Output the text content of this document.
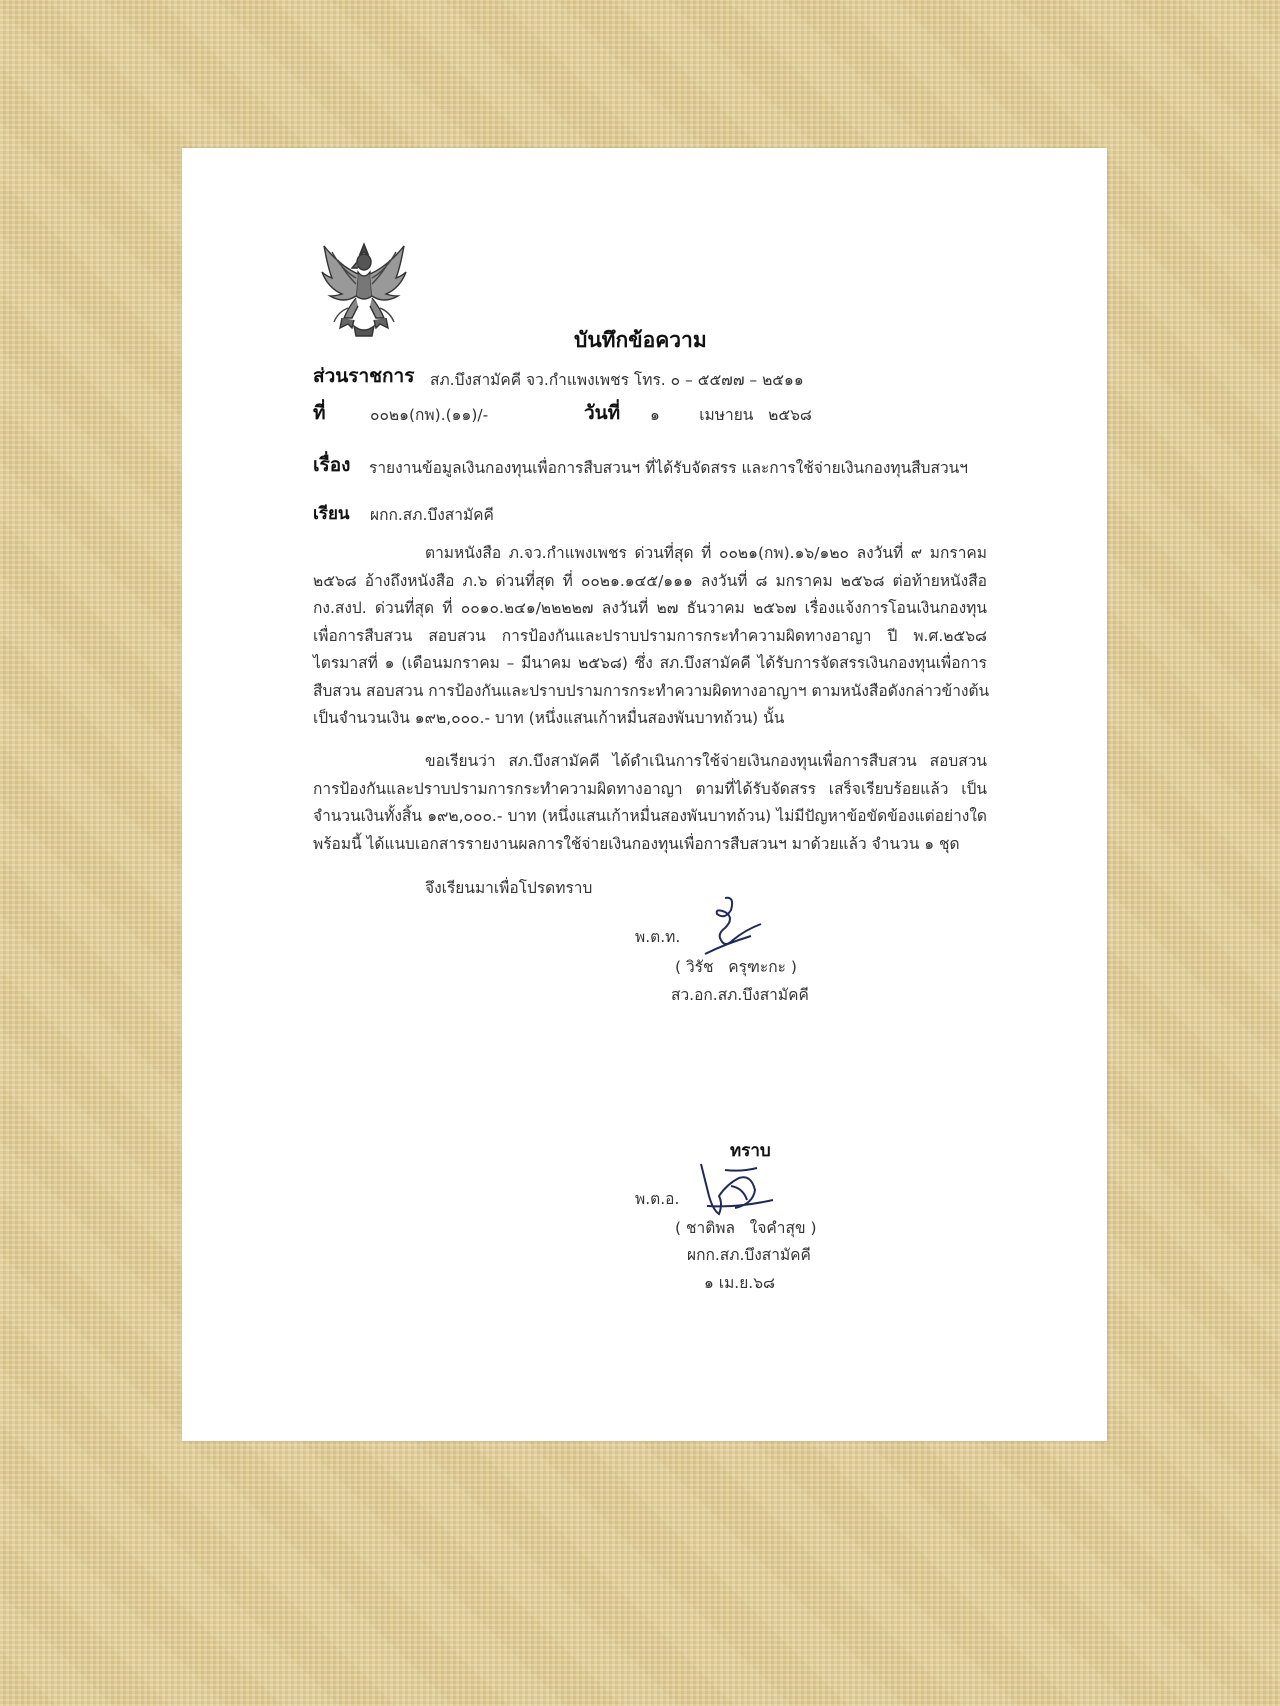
บันทึกข้อความ
ส่วนราชการ สภ.บึงสามัคคี จว.กำแพงเพชร โทร. ๐ – ๕๕๗๗ – ๒๕๑๑
ที่	๐๐๒๑(กพ).(๑๑)/-	วันที่ ๑        เมษายน   ๒๕๖๘
เรื่อง รายงานข้อมูลเงินกองทุนเพื่อการสืบสวนฯ ที่ได้รับจัดสรร และการใช้จ่ายเงินกองทุนสืบสวนฯ
เรียน ผกก.สภ.บึงสามัคคี
ตามหนังสือ ภ.จว.กำแพงเพชร ด่วนที่สุด ที่ ๐๐๒๑(กพ).๑๖/๑๒๐ ลงวันที่ ๙ มกราคม
๒๕๖๘ อ้างถึงหนังสือ ภ.๖ ด่วนที่สุด ที่ ๐๐๒๑.๑๔๕/๑๑๑ ลงวันที่ ๘ มกราคม ๒๕๖๘ ต่อท้ายหนังสือ
กง.สงป. ด่วนที่สุด ที่ ๐๐๑๐.๒๔๑/๒๒๒๒๗ ลงวันที่ ๒๗ ธันวาคม ๒๕๖๗ เรื่องแจ้งการโอนเงินกองทุน
เพื่อการสืบสวน สอบสวน การป้องกันและปราบปรามการกระทำความผิดทางอาญา ปี พ.ศ.๒๕๖๘
ไตรมาสที่ ๑ (เดือนมกราคม – มีนาคม ๒๕๖๘) ซึ่ง สภ.บึงสามัคคี ได้รับการจัดสรรเงินกองทุนเพื่อการ
สืบสวน สอบสวน การป้องกันและปราบปรามการกระทำความผิดทางอาญาฯ ตามหนังสือดังกล่าวข้างต้น
เป็นจำนวนเงิน ๑๙๒,๐๐๐.- บาท (หนึ่งแสนเก้าหมื่นสองพันบาทถ้วน) นั้น
ขอเรียนว่า สภ.บึงสามัคคี ได้ดำเนินการใช้จ่ายเงินกองทุนเพื่อการสืบสวน สอบสวน
การป้องกันและปราบปรามการกระทำความผิดทางอาญา ตามที่ได้รับจัดสรร เสร็จเรียบร้อยแล้ว เป็น
จำนวนเงินทั้งสิ้น ๑๙๒,๐๐๐.- บาท (หนึ่งแสนเก้าหมื่นสองพันบาทถ้วน) ไม่มีปัญหาข้อขัดข้องแต่อย่างใด
พร้อมนี้ ได้แนบเอกสารรายงานผลการใช้จ่ายเงินกองทุนเพื่อการสืบสวนฯ มาด้วยแล้ว จำนวน ๑ ชุด
จึงเรียนมาเพื่อโปรดทราบ
พ.ต.ท.
( วิรัช   ครุฑะกะ )
สว.อก.สภ.บึงสามัคคี
ทราบ
พ.ต.อ.
( ชาติพล   ใจคำสุข )
ผกก.สภ.บึงสามัคคี
๑ เม.ย.๖๘
